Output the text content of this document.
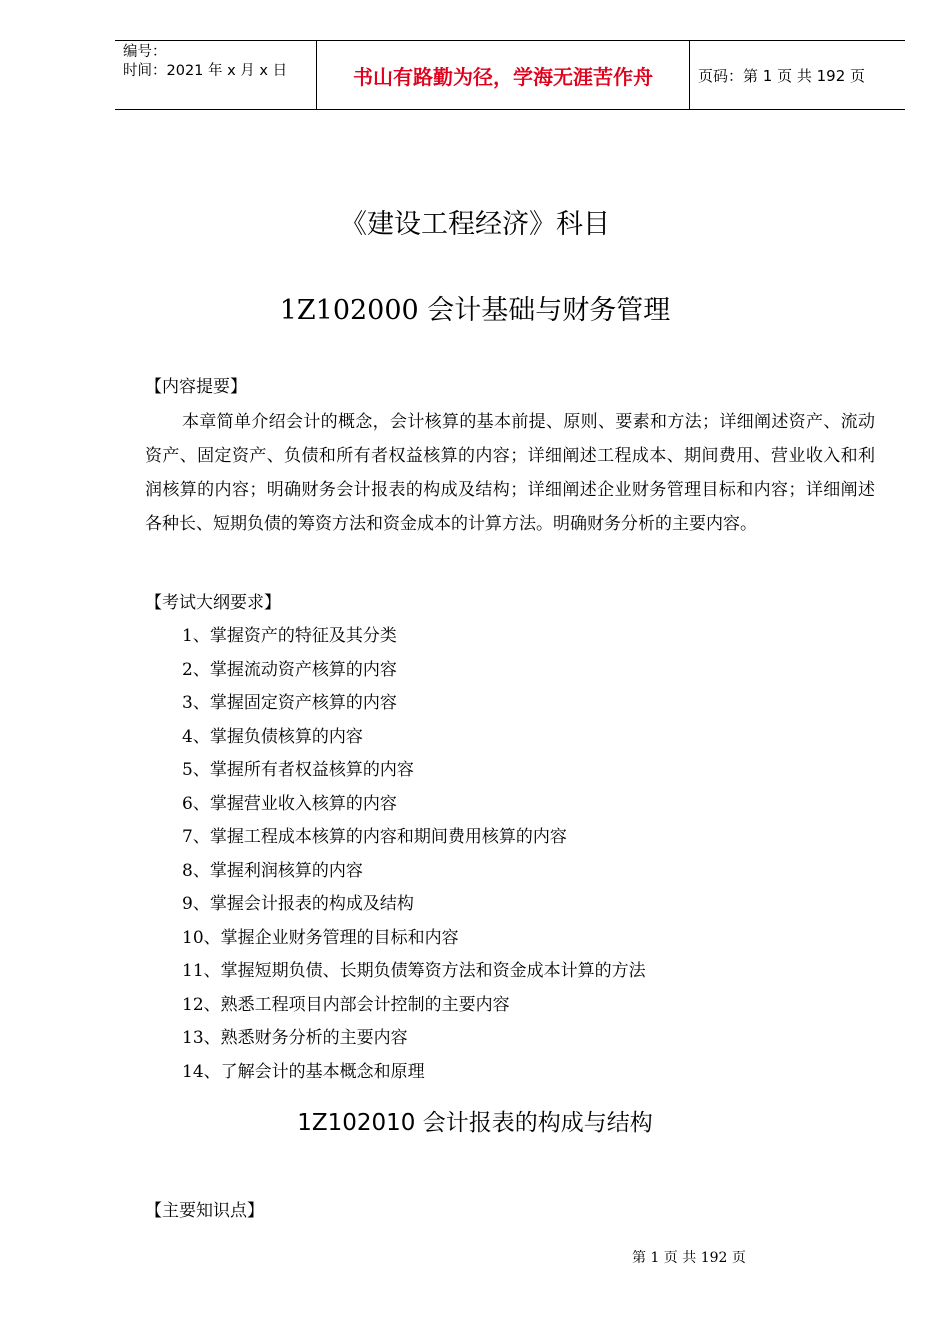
编号：
时间：2021 年 x 月 x 日	书山有路勤为径，学海无涯苦作舟	页码：第 1 页 共 192 页
《建设工程经济》科目
1Z102000 会计基础与财务管理
【内容提要】

本章简单介绍会计的概念，会计核算的基本前提、原则、要素和方法；详细阐述资产、流动资产、固定资产、负债和所有者权益核算的内容；详细阐述工程成本、期间费用、营业收入和利润核算的内容；明确财务会计报表的构成及结构；详细阐述企业财务管理目标和内容；详细阐述各种长、短期负债的筹资方法和资金成本的计算方法。明确财务分析的主要内容。

【考试大纲要求】
1、掌握资产的特征及其分类
2、掌握流动资产核算的内容
3、掌握固定资产核算的内容
4、掌握负债核算的内容
5、掌握所有者权益核算的内容
6、掌握营业收入核算的内容
7、掌握工程成本核算的内容和期间费用核算的内容
8、掌握利润核算的内容
9、掌握会计报表的构成及结构
10、掌握企业财务管理的目标和内容
11、掌握短期负债、长期负债筹资方法和资金成本计算的方法
12、熟悉工程项目内部会计控制的主要内容
13、熟悉财务分析的主要内容
14、了解会计的基本概念和原理
1Z102010 会计报表的构成与结构
【主要知识点】
第 1 页 共 192 页
